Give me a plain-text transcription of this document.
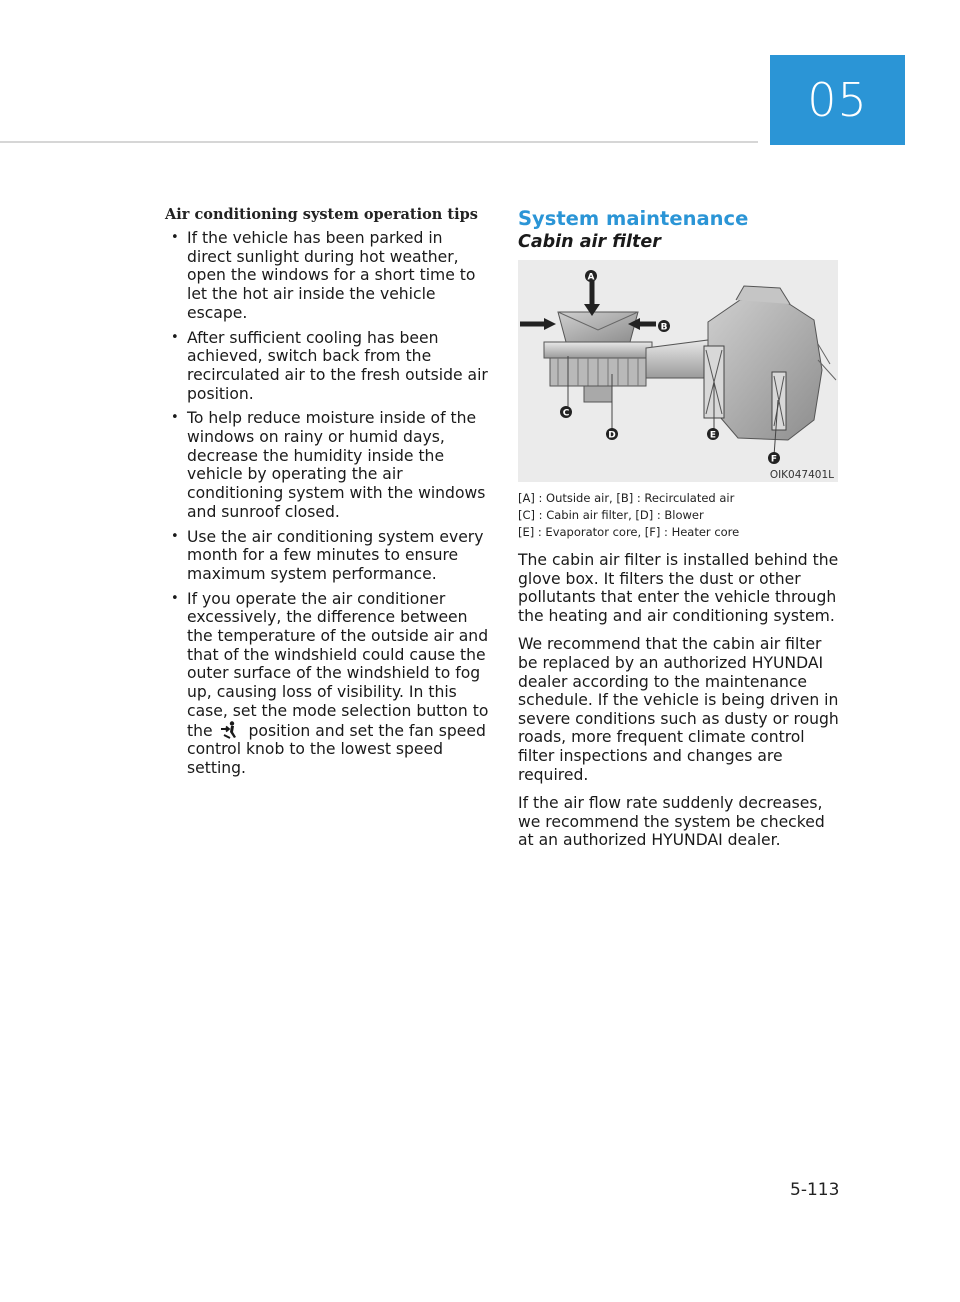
05
Air conditioning system operation tips
• If the vehicle has been parked in direct sunlight during hot weather, open the windows for a short time to let the hot air inside the vehicle escape.
• After sufficient cooling has been achieved, switch back from the recirculated air to the fresh outside air position.
• To help reduce moisture inside of the windows on rainy or humid days, decrease the humidity inside the vehicle by operating the air conditioning system with the windows and sunroof closed.
• Use the air conditioning system every month for a few minutes to ensure maximum system performance.
• If you operate the air conditioner excessively, the difference between the temperature of the outside air and that of the windshield could cause the outer surface of the windshield to fog up, causing loss of visibility. In this case, set the mode selection button to the position and set the fan speed control knob to the lowest speed setting.
System maintenance
Cabin air filter
A
B
C
D	E
F
OIK047401L
[A] : Outside air, [B] : Recirculated air
[C] : Cabin air filter, [D] : Blower
[E] : Evaporator core, [F] : Heater core

The cabin air filter is installed behind the glove box. It filters the dust or other pollutants that enter the vehicle through the heating and air conditioning system.

We recommend that the cabin air filter be replaced by an authorized HYUNDAI dealer according to the maintenance schedule. If the vehicle is being driven in severe conditions such as dusty or rough roads, more frequent climate control filter inspections and changes are required.

If the air flow rate suddenly decreases, we recommend the system be checked at an authorized HYUNDAI dealer.

5-113
